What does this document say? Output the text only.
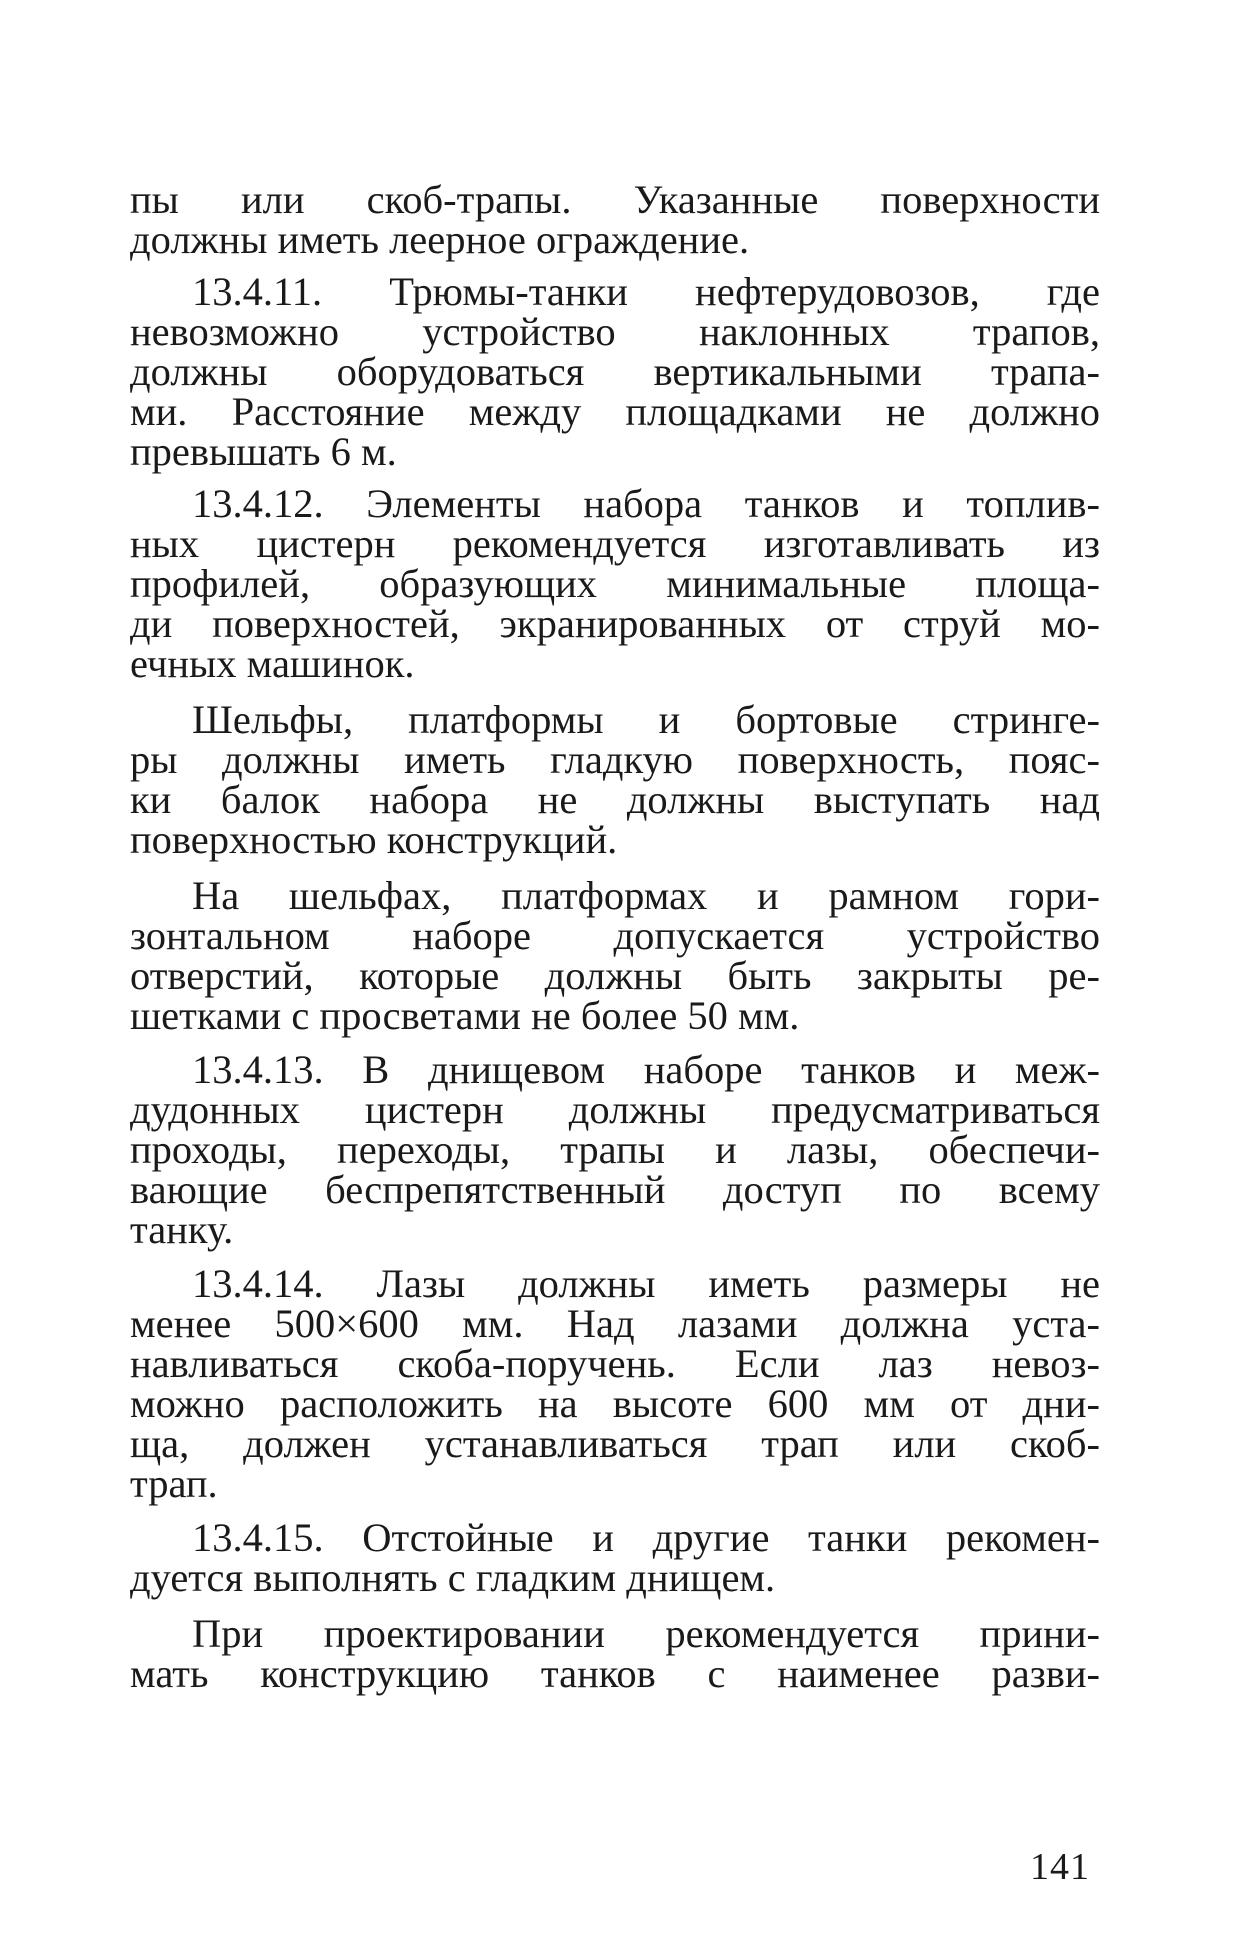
пы или скоб-трапы. Указанные поверхности
должны иметь леерное ограждение.
13.4.11. Трюмы-танки нефтерудовозов, где
невозможно устройство наклонных трапов,
должны оборудоваться вертикальными трапа-
ми. Расстояние между площадками не должно
превышать 6 м.
13.4.12. Элементы набора танков и топлив-
ных цистерн рекомендуется изготавливать из
профилей, образующих минимальные площа-
ди поверхностей, экранированных от струй мо-
ечных машинок.
Шельфы, платформы и бортовые стринге-
ры должны иметь гладкую поверхность, пояс-
ки балок набора не должны выступать над
поверхностью конструкций.
На шельфах, платформах и рамном гори-
зонтальном наборе допускается устройство
отверстий, которые должны быть закрыты ре-
шетками с просветами не более 50 мм.
13.4.13. В днищевом наборе танков и меж-
дудонных цистерн должны предусматриваться
проходы, переходы, трапы и лазы, обеспечи-
вающие беспрепятственный доступ по всему
танку.
13.4.14. Лазы должны иметь размеры не
менее 500×600 мм. Над лазами должна уста-
навливаться скоба-поручень. Если лаз невоз-
можно расположить на высоте 600 мм от дни-
ща, должен устанавливаться трап или скоб-
трап.
13.4.15. Отстойные и другие танки рекомен-
дуется выполнять с гладким днищем.
При проектировании рекомендуется прини-
мать конструкцию танков с наименее разви-
141
